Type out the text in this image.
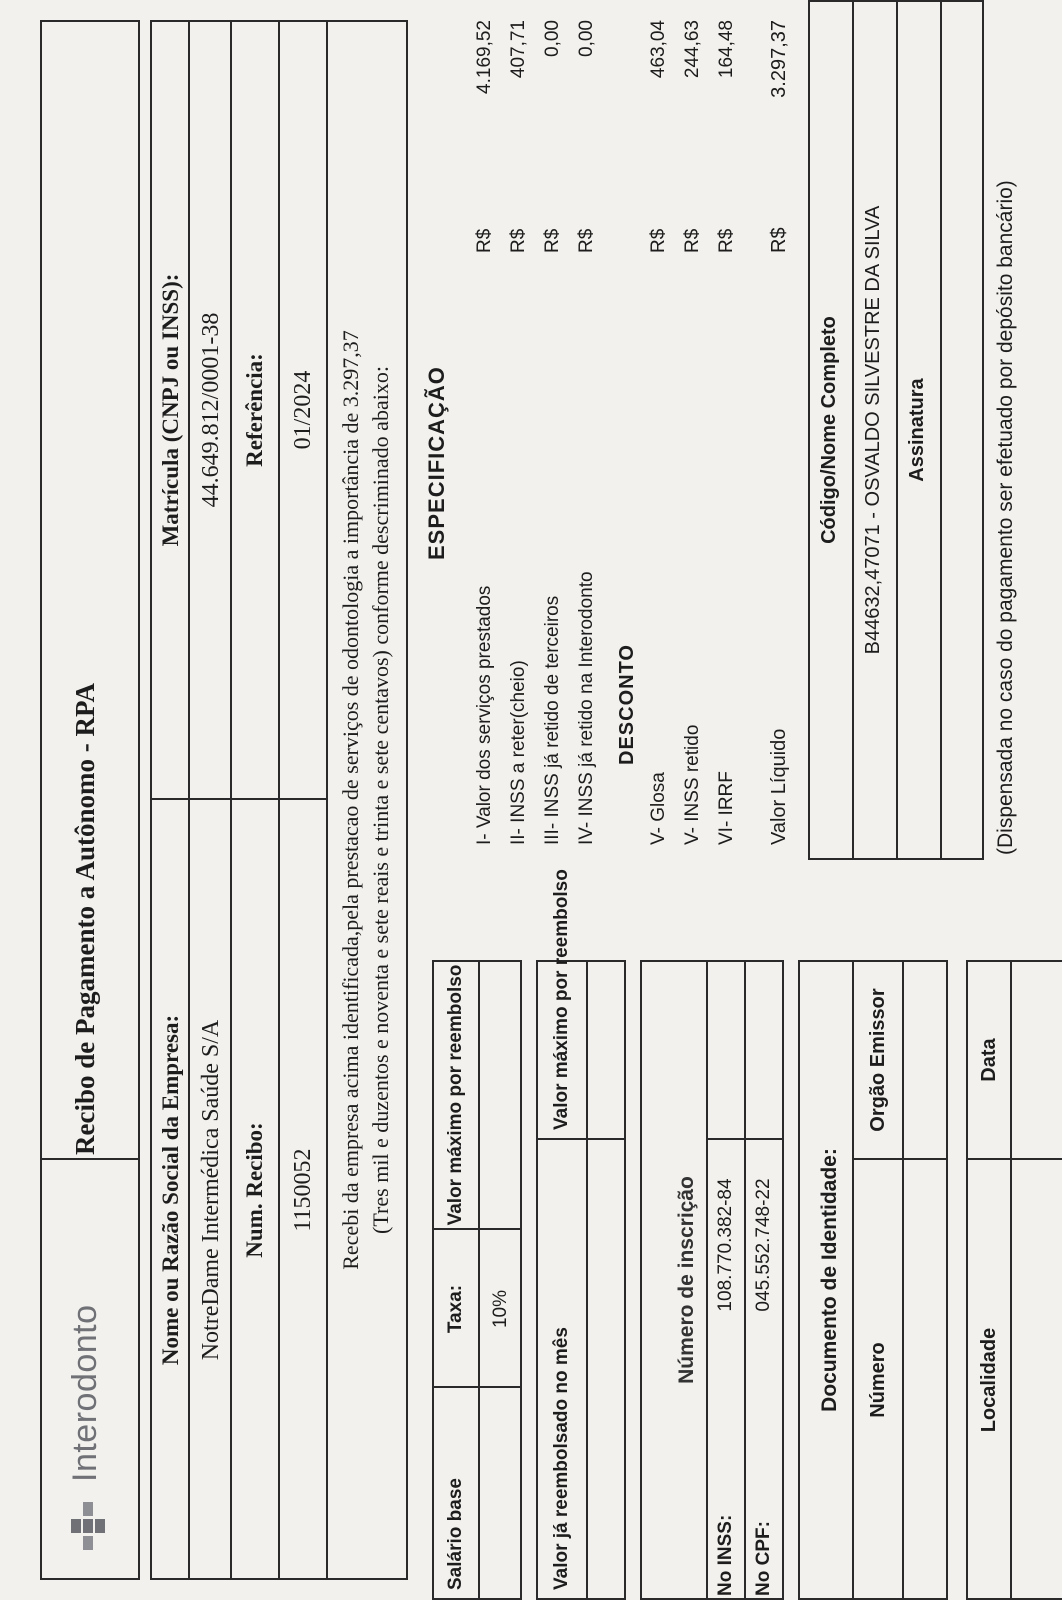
Interodonto
Recibo de Pagamento a Autônomo - RPA
Nome ou Razão Social da Empresa:
Matrícula (CNPJ ou INSS):
NotreDame Intermédica Saúde S/A
44.649.812/0001-38
Num. Recibo:
Referência:
1150052
01/2024 Recebi da empresa acima identificada,pela prestacao de serviços de odontologia a importância de 3.297,37 (Tres mil e duzentos e noventa e sete reais e trinta e sete centavos) conforme descriminado abaixo:
Salário base
Taxa:
Valor máximo por reembolso
10%
Valor já reembolsado no mês
Valor máximo por reembolso
Número de inscrição
No INSS:
108.770.382-84
No CPF:
045.552.748-22 Documento de Identidade: Número
Orgão Emissor
Localidade
Data
ESPECIFICAÇÃO
DESCONTO
Valor Líquido
R$
3.297,37
Código/Nome Completo B44632,47071 - OSVALDO SILVESTRE DA SILVA Assinatura	(Dispensada no caso do pagamento ser efetuado por depósito bancário)
I- Valor dos serviços prestados
R$
4.169,52
II- INSS a reter(cheio)
R$
407,71
III- INSS já retido de terceiros
R$
0,00
IV- INSS já retido na Interodonto
R$
0,00
V- Glosa
R$
463,04
V- INSS retido
R$
244,63
VI- IRRF
R$
164,48
